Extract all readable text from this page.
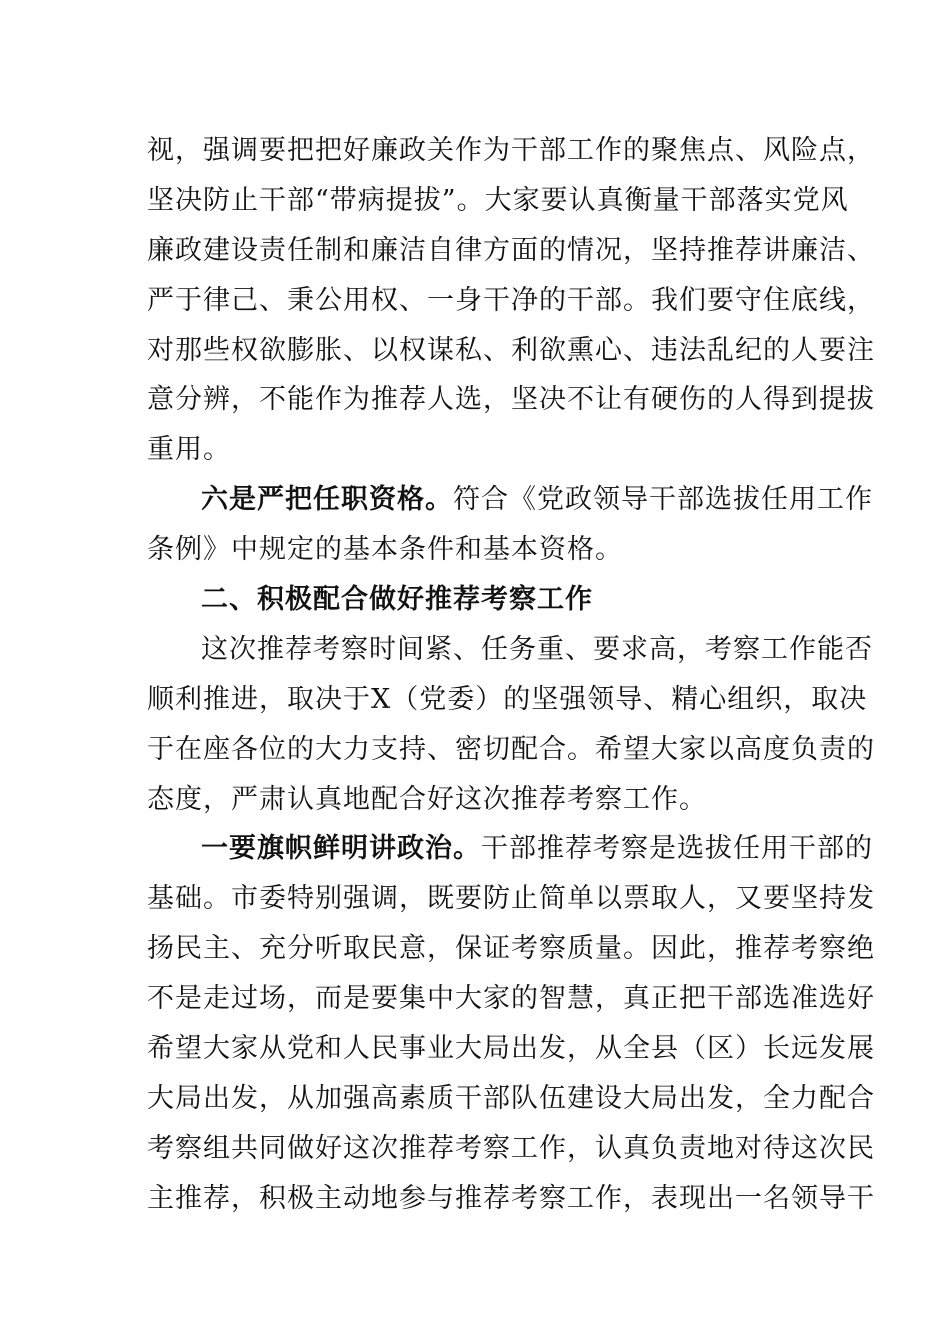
视，强调要把把好廉政关作为干部工作的聚焦点、风险点，
坚决防止干部“带病提拔”。大家要认真衡量干部落实党风
廉政建设责任制和廉洁自律方面的情况，坚持推荐讲廉洁、
严于律己、秉公用权、一身干净的干部。我们要守住底线，
对那些权欲膨胀、以权谋私、利欲熏心、违法乱纪的人要注
意分辨，不能作为推荐人选，坚决不让有硬伤的人得到提拔
重用。
六是严把任职资格。符合《党政领导干部选拔任用工作
条例》中规定的基本条件和基本资格。
二、积极配合做好推荐考察工作
这次推荐考察时间紧、任务重、要求高，考察工作能否
顺利推进，取决于X（党委）的坚强领导、精心组织，取决
于在座各位的大力支持、密切配合。希望大家以高度负责的
态度，严肃认真地配合好这次推荐考察工作。
一要旗帜鲜明讲政治。干部推荐考察是选拔任用干部的
基础。市委特别强调，既要防止简单以票取人，又要坚持发
扬民主、充分听取民意，保证考察质量。因此，推荐考察绝
不是走过场，而是要集中大家的智慧，真正把干部选准选好
希望大家从党和人民事业大局出发，从全县（区）长远发展
大局出发，从加强高素质干部队伍建设大局出发，全力配合
考察组共同做好这次推荐考察工作，认真负责地对待这次民
主推荐，积极主动地参与推荐考察工作，表现出一名领导干
